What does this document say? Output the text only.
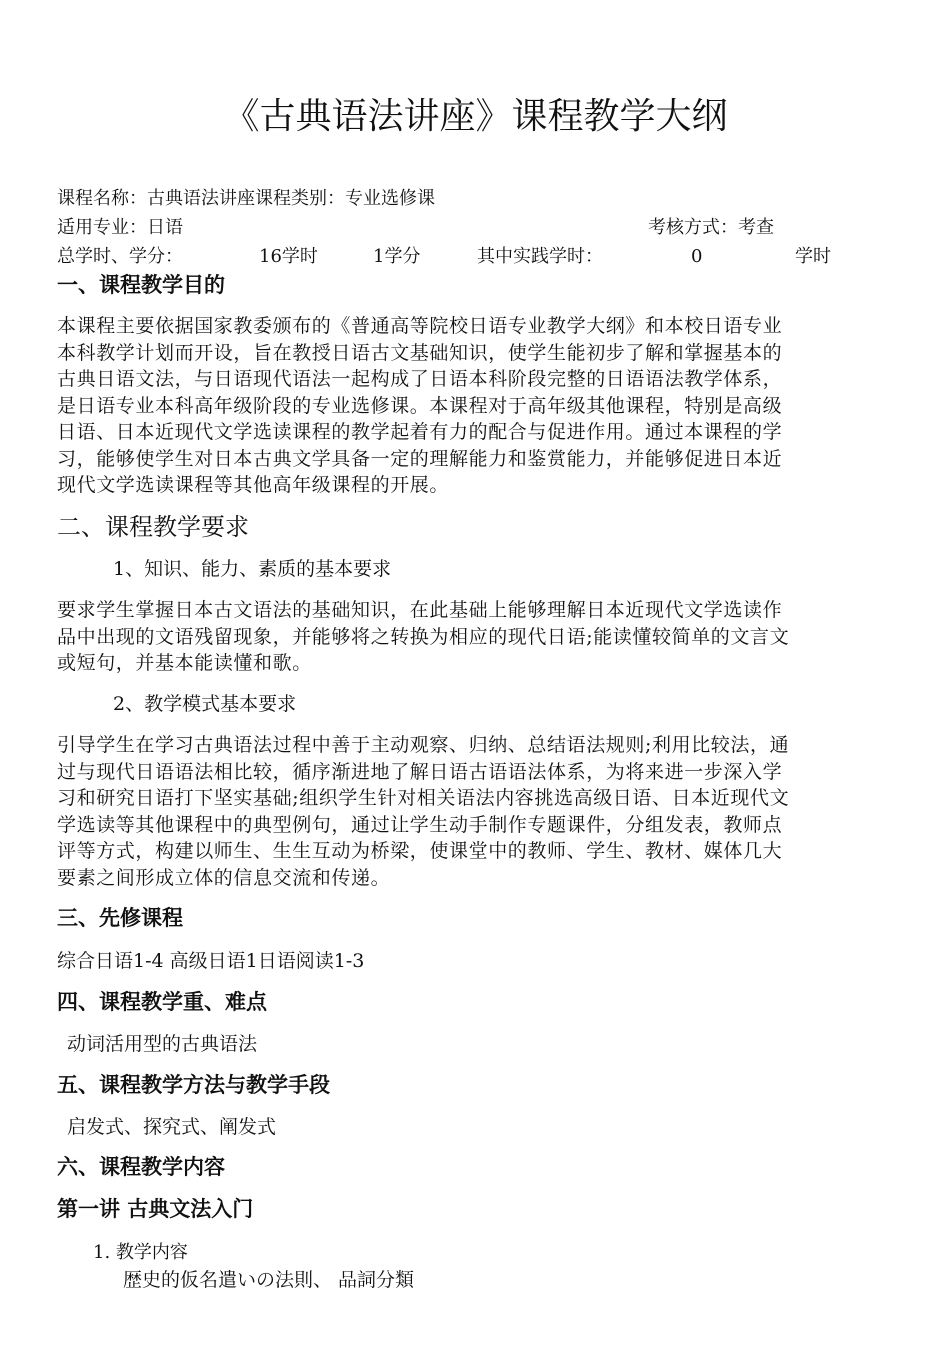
《古典语法讲座》课程教学大纲
课程名称：古典语法讲座课程类别：专业选修课
适用专业：日语	考核方式：考查
总学时、学分：	16学时	1学分	其中实践学时：	0	学时
一、课程教学目的
本课程主要依据国家教委颁布的《普通高等院校日语专业教学大纲》和本校日语专业
本科教学计划而开设，旨在教授日语古文基础知识，使学生能初步了解和掌握基本的
古典日语文法，与日语现代语法一起构成了日语本科阶段完整的日语语法教学体系，
是日语专业本科高年级阶段的专业选修课。本课程对于高年级其他课程，特别是高级
日语、日本近现代文学选读课程的教学起着有力的配合与促进作用。通过本课程的学
习，能够使学生对日本古典文学具备一定的理解能力和鉴赏能力，并能够促进日本近
现代文学选读课程等其他高年级课程的开展。
二、课程教学要求
1、知识、能力、素质的基本要求
要求学生掌握日本古文语法的基础知识，在此基础上能够理解日本近现代文学选读作
品中出现的文语残留现象，并能够将之转换为相应的现代日语;能读懂较简单的文言文
或短句，并基本能读懂和歌。
2、教学模式基本要求
引导学生在学习古典语法过程中善于主动观察、归纳、总结语法规则;利用比较法，通
过与现代日语语法相比较，循序渐进地了解日语古语语法体系，为将来进一步深入学
习和研究日语打下坚实基础;组织学生针对相关语法内容挑选高级日语、日本近现代文
学选读等其他课程中的典型例句，通过让学生动手制作专题课件，分组发表，教师点
评等方式，构建以师生、生生互动为桥梁，使课堂中的教师、学生、教材、媒体几大
要素之间形成立体的信息交流和传递。
三、先修课程
综合日语1-4 高级日语1日语阅读1-3
四、课程教学重、难点
动词活用型的古典语法
五、课程教学方法与教学手段
启发式、探究式、阐发式
六、课程教学内容
第一讲 古典文法入门
1. 教学内容
歴史的仮名遣いの法則、 品詞分類
